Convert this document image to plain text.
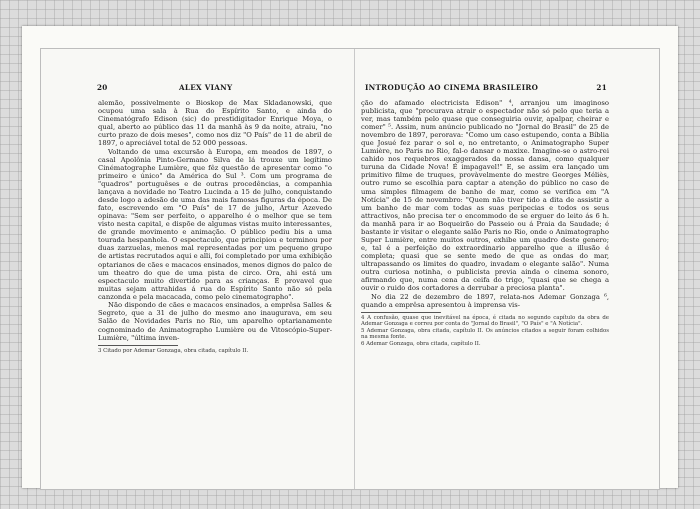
20	ALEX VIANY

alemão, possivelmente o Bioskop de Max Skladanowski, que ocupou uma sala à Rua do Espírito Santo, e ainda do Cinematógrafo Edison (sic) do prestidigitador Enrique Moya, o qual, aberto ao público das 11 da manhã às 9 da noite, atraiu, "no curto prazo de dois meses", como nos diz "O País" de 11 de abril de 1897, o apreciável total de 52 000 pessoas.

Voltando de uma excursão à Europa, em meados de 1897, o casal Apolônia Pinto-Germano Silva de lá trouxe um legítimo Cinématographe Lumière, que fêz questão de apresentar como "o primeiro e único" da América do Sul ³. Com um programa de "quadros" portuguêses e de outras procedências, a companhia lançava a novidade no Teatro Lucinda a 15 de julho, conquistando desde logo a adesão de uma das mais famosas figuras da época. De fato, escrevendo em "O País" de 17 de julho, Artur Azevedo opinava: "Sem ser perfeito, o apparelho é o melhor que se tem visto nesta capital, e dispõe de algumas vistas muito interessantes, de grande movimento e animação. O público pediu bis a uma tourada hespanhola. O espectaculo, que principiou e terminou por duas zarzuelas, menos mal representadas por um pequeno grupo de artistas recrutados aqui e alli, foi completado por uma exhibição optarianos de cães e macacos ensinados, menos dignos do palco de um theatro do que de uma pista de circo. Ora, ahi está um espectaculo muito divertido para as crianças. É provavel que muitas sejam attrahidas á rua do Espírito Santo não só pela canzonda e pela macacada, como pelo cinematographo".

Não dispondo de cães e macacos ensinados, a emprêsa Salles & Segreto, que a 31 de julho do mesmo ano inaugurava, em seu Salão de Novidades Paris no Rio, um aparelho optarianamente cognominado de Animatographo Lumière ou de Vitoscópio-Super-Lumière, "última inven-

3 Citado por Ademar Gonzaga, obra citada, capítulo II.

INTRODUÇÃO AO CINEMA BRASILEIRO	21

ção do afamado electricista Edison" ⁴, arranjou um imaginoso publicista, que "procurava atrair o espectador não só pelo que teria a ver, mas também pelo quase que conseguiria ouvir, apalpar, cheirar e comer" ⁵. Assim, num anúncio publicado no "Jornal do Brasil" de 25 de novembro de 1897, perorava: "Como um caso estupendo, conta a Bíblia que Josué fez parar o sol e, no entretanto, o Animatographo Super Lumière, no Paris no Rio, fal-o dansar o maxixe. Imagine-se o astro-rei cahido nos requebros exaggerados da nossa dansa, como qualquer turuna da Cidade Nova! É impagavel!" E, se assim era lançado um primitivo filme de truques, provàvelmente do mestre Georges Méliès, outro rumo se escolhia para captar a atenção do público no caso de uma simples filmagem de banho de mar, como se verifica em "A Notícia" de 15 de novembro: "Quem não tiver tido a dita de assistir a um banho de mar com todas as suas peripecias e todos os seus attractivos, não precisa ter o encommodo de se erguer do leito ás 6 h. da manhã para ir ao Boqueirão do Passeio ou á Praia da Saudade; é bastante ir visitar o elegante salão Paris no Rio, onde o Animatographo Super Lumière, entre muitos outros, exhibe um quadro deste genero; e, tal é a perfeição do extraordinario apparelho que a illusão é completa; quasi que se sente medo de que as ondas do mar, ultrapassando os limites do quadro, invadam o elegante salão". Numa outra curiosa notinha, o publicista previa ainda o cinema sonoro, afirmando que, numa cena da ceifa do trigo, "quasi que se chega a ouvir o ruido dos cortadores a derrubar a preciosa planta".

No dia 22 de dezembro de 1897, relata-nos Ademar Gonzaga ⁶, quando a emprêsa apresentou à imprensa vis-

4 A confusão, quase que inevitável na época, é citada no segundo capítulo da obra de Ademar Gonzaga e correu por conta do "Jornal do Brasil", "O País" e "A Notícia".

5 Ademar Gonzaga, obra citada, capítulo II. Os anúncios citados a seguir foram colhidos na mesma fonte.

6 Ademar Gonzaga, obra citada, capítulo II.
